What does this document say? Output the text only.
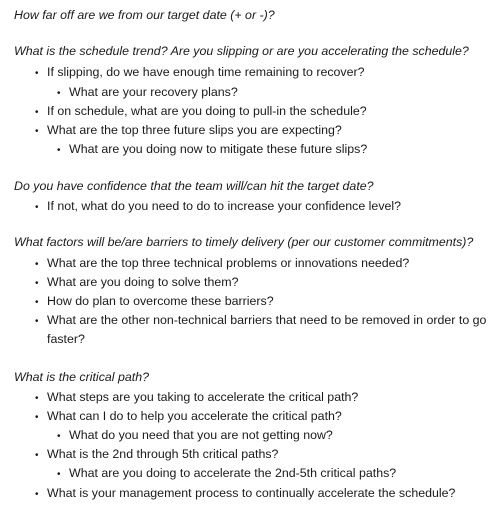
How far off are we from our target date (+ or -)?
What is the schedule trend? Are you slipping or are you accelerating the schedule?
• If slipping, do we have enough time remaining to recover?
• What are your recovery plans?
• If on schedule, what are you doing to pull-in the schedule?
• What are the top three future slips you are expecting?
• What are you doing now to mitigate these future slips?
Do you have confidence that the team will/can hit the target date?
• If not, what do you need to do to increase your confidence level?
What factors will be/are barriers to timely delivery (per our customer commitments)?
• What are the top three technical problems or innovations needed?
• What are you doing to solve them?
• How do plan to overcome these barriers?
• What are the other non-technical barriers that need to be removed in order to go
faster?
What is the critical path?
• What steps are you taking to accelerate the critical path?
• What can I do to help you accelerate the critical path?
• What do you need that you are not getting now?
• What is the 2nd through 5th critical paths?
• What are you doing to accelerate the 2nd-5th critical paths?
• What is your management process to continually accelerate the schedule?
